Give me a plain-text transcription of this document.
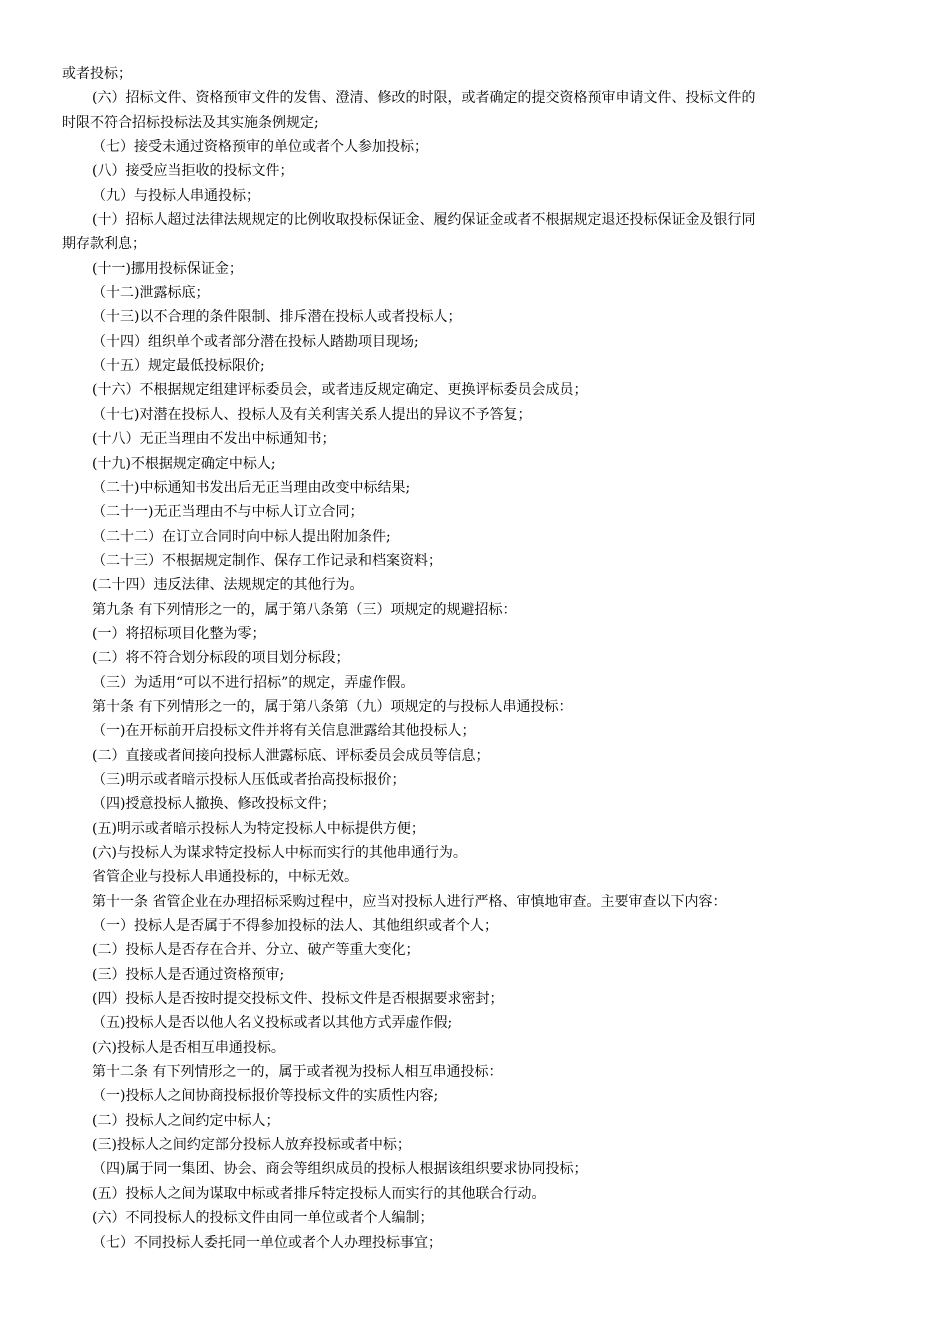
或者投标；
(六）招标文件、资格预审文件的发售、澄清、修改的时限，或者确定的提交资格预审申请文件、投标文件的
时限不符合招标投标法及其实施条例规定;
（七）接受未通过资格预审的单位或者个人参加投标；
(八）接受应当拒收的投标文件；
（九）与投标人串通投标；
(十）招标人超过法律法规规定的比例收取投标保证金、履约保证金或者不根据规定退还投标保证金及银行同
期存款利息；
(十一)挪用投标保证金；
（十二)泄露标底；
（十三)以不合理的条件限制、排斥潜在投标人或者投标人；
（十四）组织单个或者部分潜在投标人踏勘项目现场;
（十五）规定最低投标限价;
(十六）不根据规定组建评标委员会，或者违反规定确定、更换评标委员会成员；
（十七)对潜在投标人、投标人及有关利害关系人提出的异议不予答复；
(十八）无正当理由不发出中标通知书；
(十九)不根据规定确定中标人;
（二十)中标通知书发出后无正当理由改变中标结果;
（二十一)无正当理由不与中标人订立合同；
（二十二）在订立合同时向中标人提出附加条件;
（二十三）不根据规定制作、保存工作记录和档案资料；
(二十四）违反法律、法规规定的其他行为。
第九条 有下列情形之一的，属于第八条第（三）项规定的规避招标：
(一）将招标项目化整为零；
(二）将不符合划分标段的项目划分标段；
（三）为适用“可以不进行招标”的规定，弄虚作假。
第十条 有下列情形之一的，属于第八条第（九）项规定的与投标人串通投标：
（一)在开标前开启投标文件并将有关信息泄露给其他投标人；
(二）直接或者间接向投标人泄露标底、评标委员会成员等信息；
（三)明示或者暗示投标人压低或者抬高投标报价；
（四)授意投标人撤换、修改投标文件；
(五)明示或者暗示投标人为特定投标人中标提供方便；
(六)与投标人为谋求特定投标人中标而实行的其他串通行为。
省管企业与投标人串通投标的，中标无效。
第十一条 省管企业在办理招标采购过程中，应当对投标人进行严格、审慎地审查。主要审查以下内容：
（一）投标人是否属于不得参加投标的法人、其他组织或者个人；
(二）投标人是否存在合并、分立、破产等重大变化；
(三）投标人是否通过资格预审;
(四）投标人是否按时提交投标文件、投标文件是否根据要求密封；
（五)投标人是否以他人名义投标或者以其他方式弄虚作假;
(六)投标人是否相互串通投标。
第十二条 有下列情形之一的，属于或者视为投标人相互串通投标：
（一)投标人之间协商投标报价等投标文件的实质性内容;
(二）投标人之间约定中标人；
(三)投标人之间约定部分投标人放弃投标或者中标；
（四)属于同一集团、协会、商会等组织成员的投标人根据该组织要求协同投标；
(五）投标人之间为谋取中标或者排斥特定投标人而实行的其他联合行动。
(六）不同投标人的投标文件由同一单位或者个人编制；
（七）不同投标人委托同一单位或者个人办理投标事宜；
